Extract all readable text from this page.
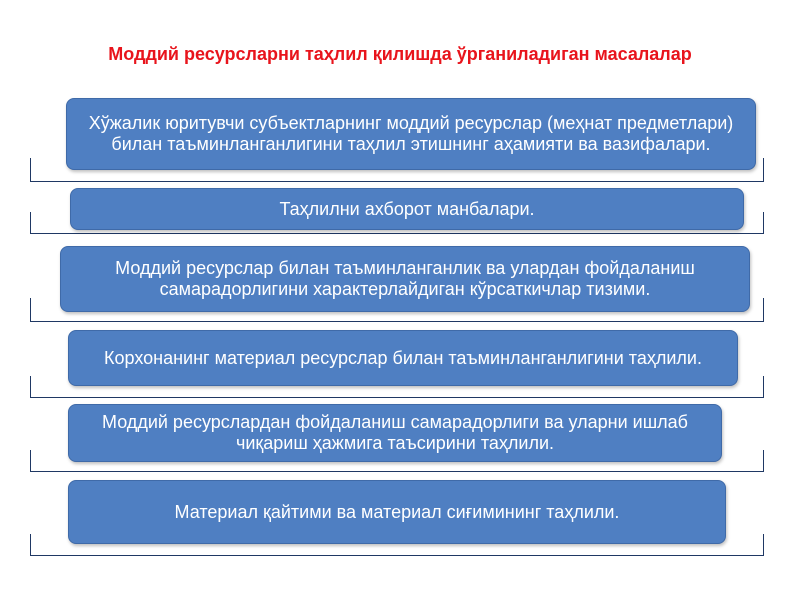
Моддий ресурсларни таҳлил қилишда ўрганиладиган масалалар
Хўжалик юритувчи субъектларнинг моддий ресурслар (меҳнат предметлари) билан таъминланганлигини таҳлил этишнинг аҳамияти ва вазифалари.
Таҳлилни ахборот манбалари.
Моддий ресурслар билан таъминланганлик ва улардан фойдаланиш самарадорлигини характерлайдиган кўрсаткичлар тизими.
Корхонанинг материал ресурслар билан таъминланганлигини таҳлили.
Моддий ресурслардан фойдаланиш самарадорлиги ва уларни ишлаб чиқариш ҳажмига таъсирини таҳлили.
Материал қайтими ва материал сиғимининг таҳлили.
